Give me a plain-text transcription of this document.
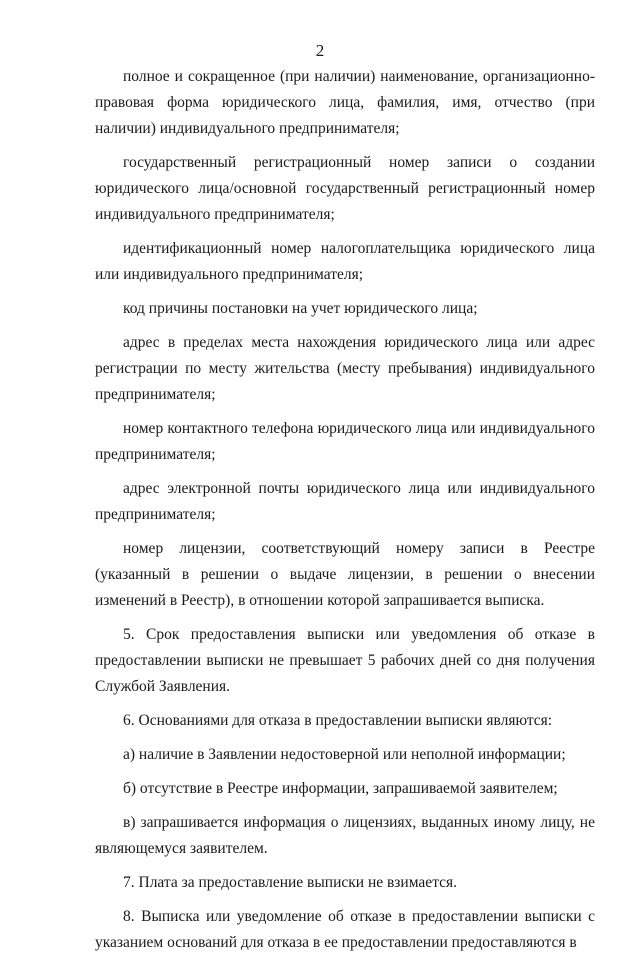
2

полное и сокращенное (при наличии) наименование, организационно-правовая форма юридического лица, фамилия, имя, отчество (при наличии) индивидуального предпринимателя;

государственный регистрационный номер записи о создании юридического лица/основной государственный регистрационный номер индивидуального предпринимателя;

идентификационный номер налогоплательщика юридического лица или индивидуального предпринимателя;

код причины постановки на учет юридического лица;

адрес в пределах места нахождения юридического лица или адрес регистрации по месту жительства (месту пребывания) индивидуального предпринимателя;

номер контактного телефона юридического лица или индивидуального предпринимателя;

адрес электронной почты юридического лица или индивидуального предпринимателя;

номер лицензии, соответствующий номеру записи в Реестре (указанный в решении о выдаче лицензии, в решении о внесении изменений в Реестр), в отношении которой запрашивается выписка.

5. Срок предоставления выписки или уведомления об отказе в предоставлении выписки не превышает 5 рабочих дней со дня получения Службой Заявления.

6. Основаниями для отказа в предоставлении выписки являются:

а) наличие в Заявлении недостоверной или неполной информации;

б) отсутствие в Реестре информации, запрашиваемой заявителем;

в) запрашивается информация о лицензиях, выданных иному лицу, не являющемуся заявителем.

7. Плата за предоставление выписки не взимается.

8. Выписка или уведомление об отказе в предоставлении выписки с указанием оснований для отказа в ее предоставлении предоставляются в
